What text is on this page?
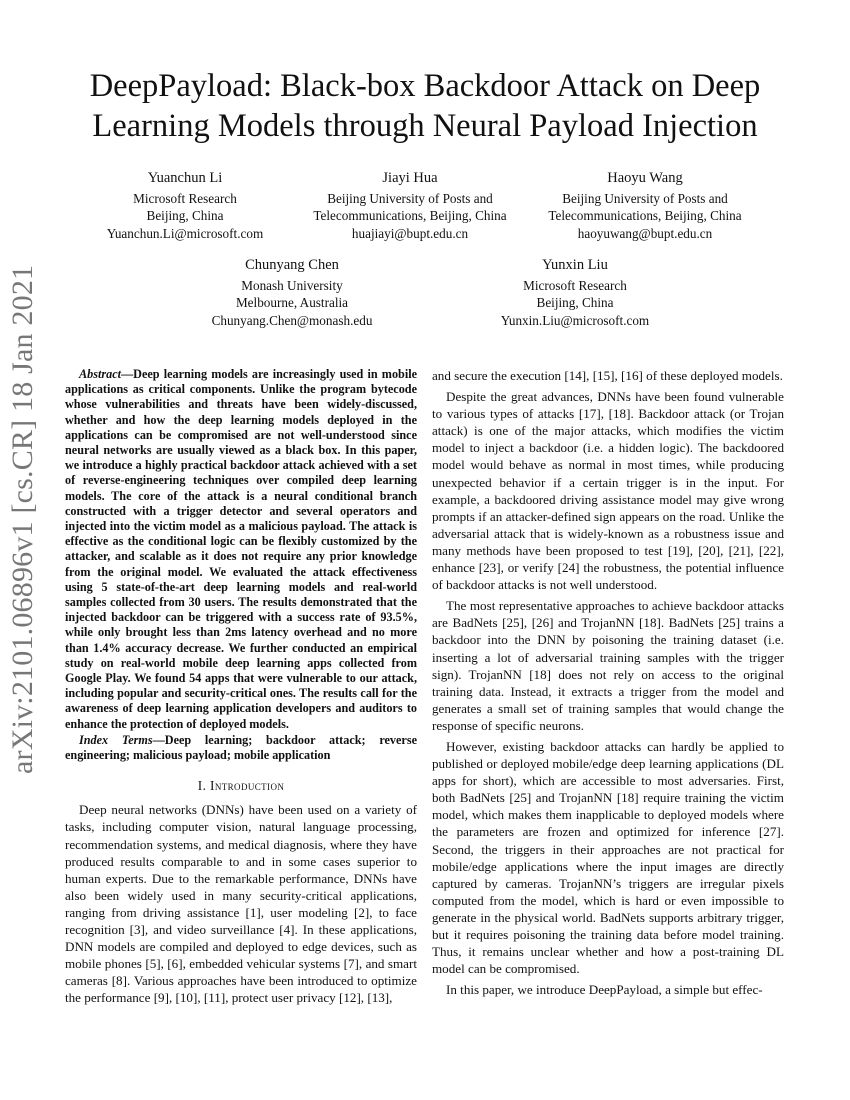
arXiv:2101.06896v1 [cs.CR] 18 Jan 2021
DeepPayload: Black-box Backdoor Attack on Deep Learning Models through Neural Payload Injection
Yuanchun Li
Microsoft Research
Beijing, China
Yuanchun.Li@microsoft.com
Jiayi Hua
Beijing University of Posts and
Telecommunications, Beijing, China
huajiayi@bupt.edu.cn
Haoyu Wang
Beijing University of Posts and
Telecommunications, Beijing, China
haoyuwang@bupt.edu.cn
Chunyang Chen
Monash University
Melbourne, Australia
Chunyang.Chen@monash.edu
Yunxin Liu
Microsoft Research
Beijing, China
Yunxin.Liu@microsoft.com

Abstract—Deep learning models are increasingly used in mobile applications as critical components. Unlike the program bytecode whose vulnerabilities and threats have been widely-discussed, whether and how the deep learning models deployed in the applications can be compromised are not well-understood since neural networks are usually viewed as a black box. In this paper, we introduce a highly practical backdoor attack achieved with a set of reverse-engineering techniques over compiled deep learning models. The core of the attack is a neural conditional branch constructed with a trigger detector and several operators and injected into the victim model as a malicious payload. The attack is effective as the conditional logic can be flexibly customized by the attacker, and scalable as it does not require any prior knowledge from the original model. We evaluated the attack effectiveness using 5 state-of-the-art deep learning models and real-world samples collected from 30 users. The results demonstrated that the injected backdoor can be triggered with a success rate of 93.5%, while only brought less than 2ms latency overhead and no more than 1.4% accuracy decrease. We further conducted an empirical study on real-world mobile deep learning apps collected from Google Play. We found 54 apps that were vulnerable to our attack, including popular and security-critical ones. The results call for the awareness of deep learning application developers and auditors to enhance the protection of deployed models.

Index Terms—Deep learning; backdoor attack; reverse engineering; malicious payload; mobile application

I. Introduction

Deep neural networks (DNNs) have been used on a variety of tasks, including computer vision, natural language processing, recommendation systems, and medical diagnosis, where they have produced results comparable to and in some cases superior to human experts. Due to the remarkable performance, DNNs have also been widely used in many security-critical applications, ranging from driving assistance [1], user modeling [2], to face recognition [3], and video surveillance [4]. In these applications, DNN models are compiled and deployed to edge devices, such as mobile phones [5], [6], embedded vehicular systems [7], and smart cameras [8]. Various approaches have been introduced to optimize the performance [9], [10], [11], protect user privacy [12], [13],

and secure the execution [14], [15], [16] of these deployed models.

Despite the great advances, DNNs have been found vulnerable to various types of attacks [17], [18]. Backdoor attack (or Trojan attack) is one of the major attacks, which modifies the victim model to inject a backdoor (i.e. a hidden logic). The backdoored model would behave as normal in most times, while producing unexpected behavior if a certain trigger is in the input. For example, a backdoored driving assistance model may give wrong prompts if an attacker-defined sign appears on the road. Unlike the adversarial attack that is widely-known as a robustness issue and many methods have been proposed to test [19], [20], [21], [22], enhance [23], or verify [24] the robustness, the potential influence of backdoor attacks is not well understood.

The most representative approaches to achieve backdoor attacks are BadNets [25], [26] and TrojanNN [18]. BadNets [25] trains a backdoor into the DNN by poisoning the training dataset (i.e. inserting a lot of adversarial training samples with the trigger sign). TrojanNN [18] does not rely on access to the original training data. Instead, it extracts a trigger from the model and generates a small set of training samples that would change the response of specific neurons.

However, existing backdoor attacks can hardly be applied to published or deployed mobile/edge deep learning applications (DL apps for short), which are accessible to most adversaries. First, both BadNets [25] and TrojanNN [18] require training the victim model, which makes them inapplicable to deployed models where the parameters are frozen and optimized for inference [27]. Second, the triggers in their approaches are not practical for mobile/edge applications where the input images are directly captured by cameras. TrojanNN’s triggers are irregular pixels computed from the model, which is hard or even impossible to generate in the physical world. BadNets supports arbitrary trigger, but it requires poisoning the training data before model training. Thus, it remains unclear whether and how a post-training DL model can be compromised.

In this paper, we introduce DeepPayload, a simple but effec-
